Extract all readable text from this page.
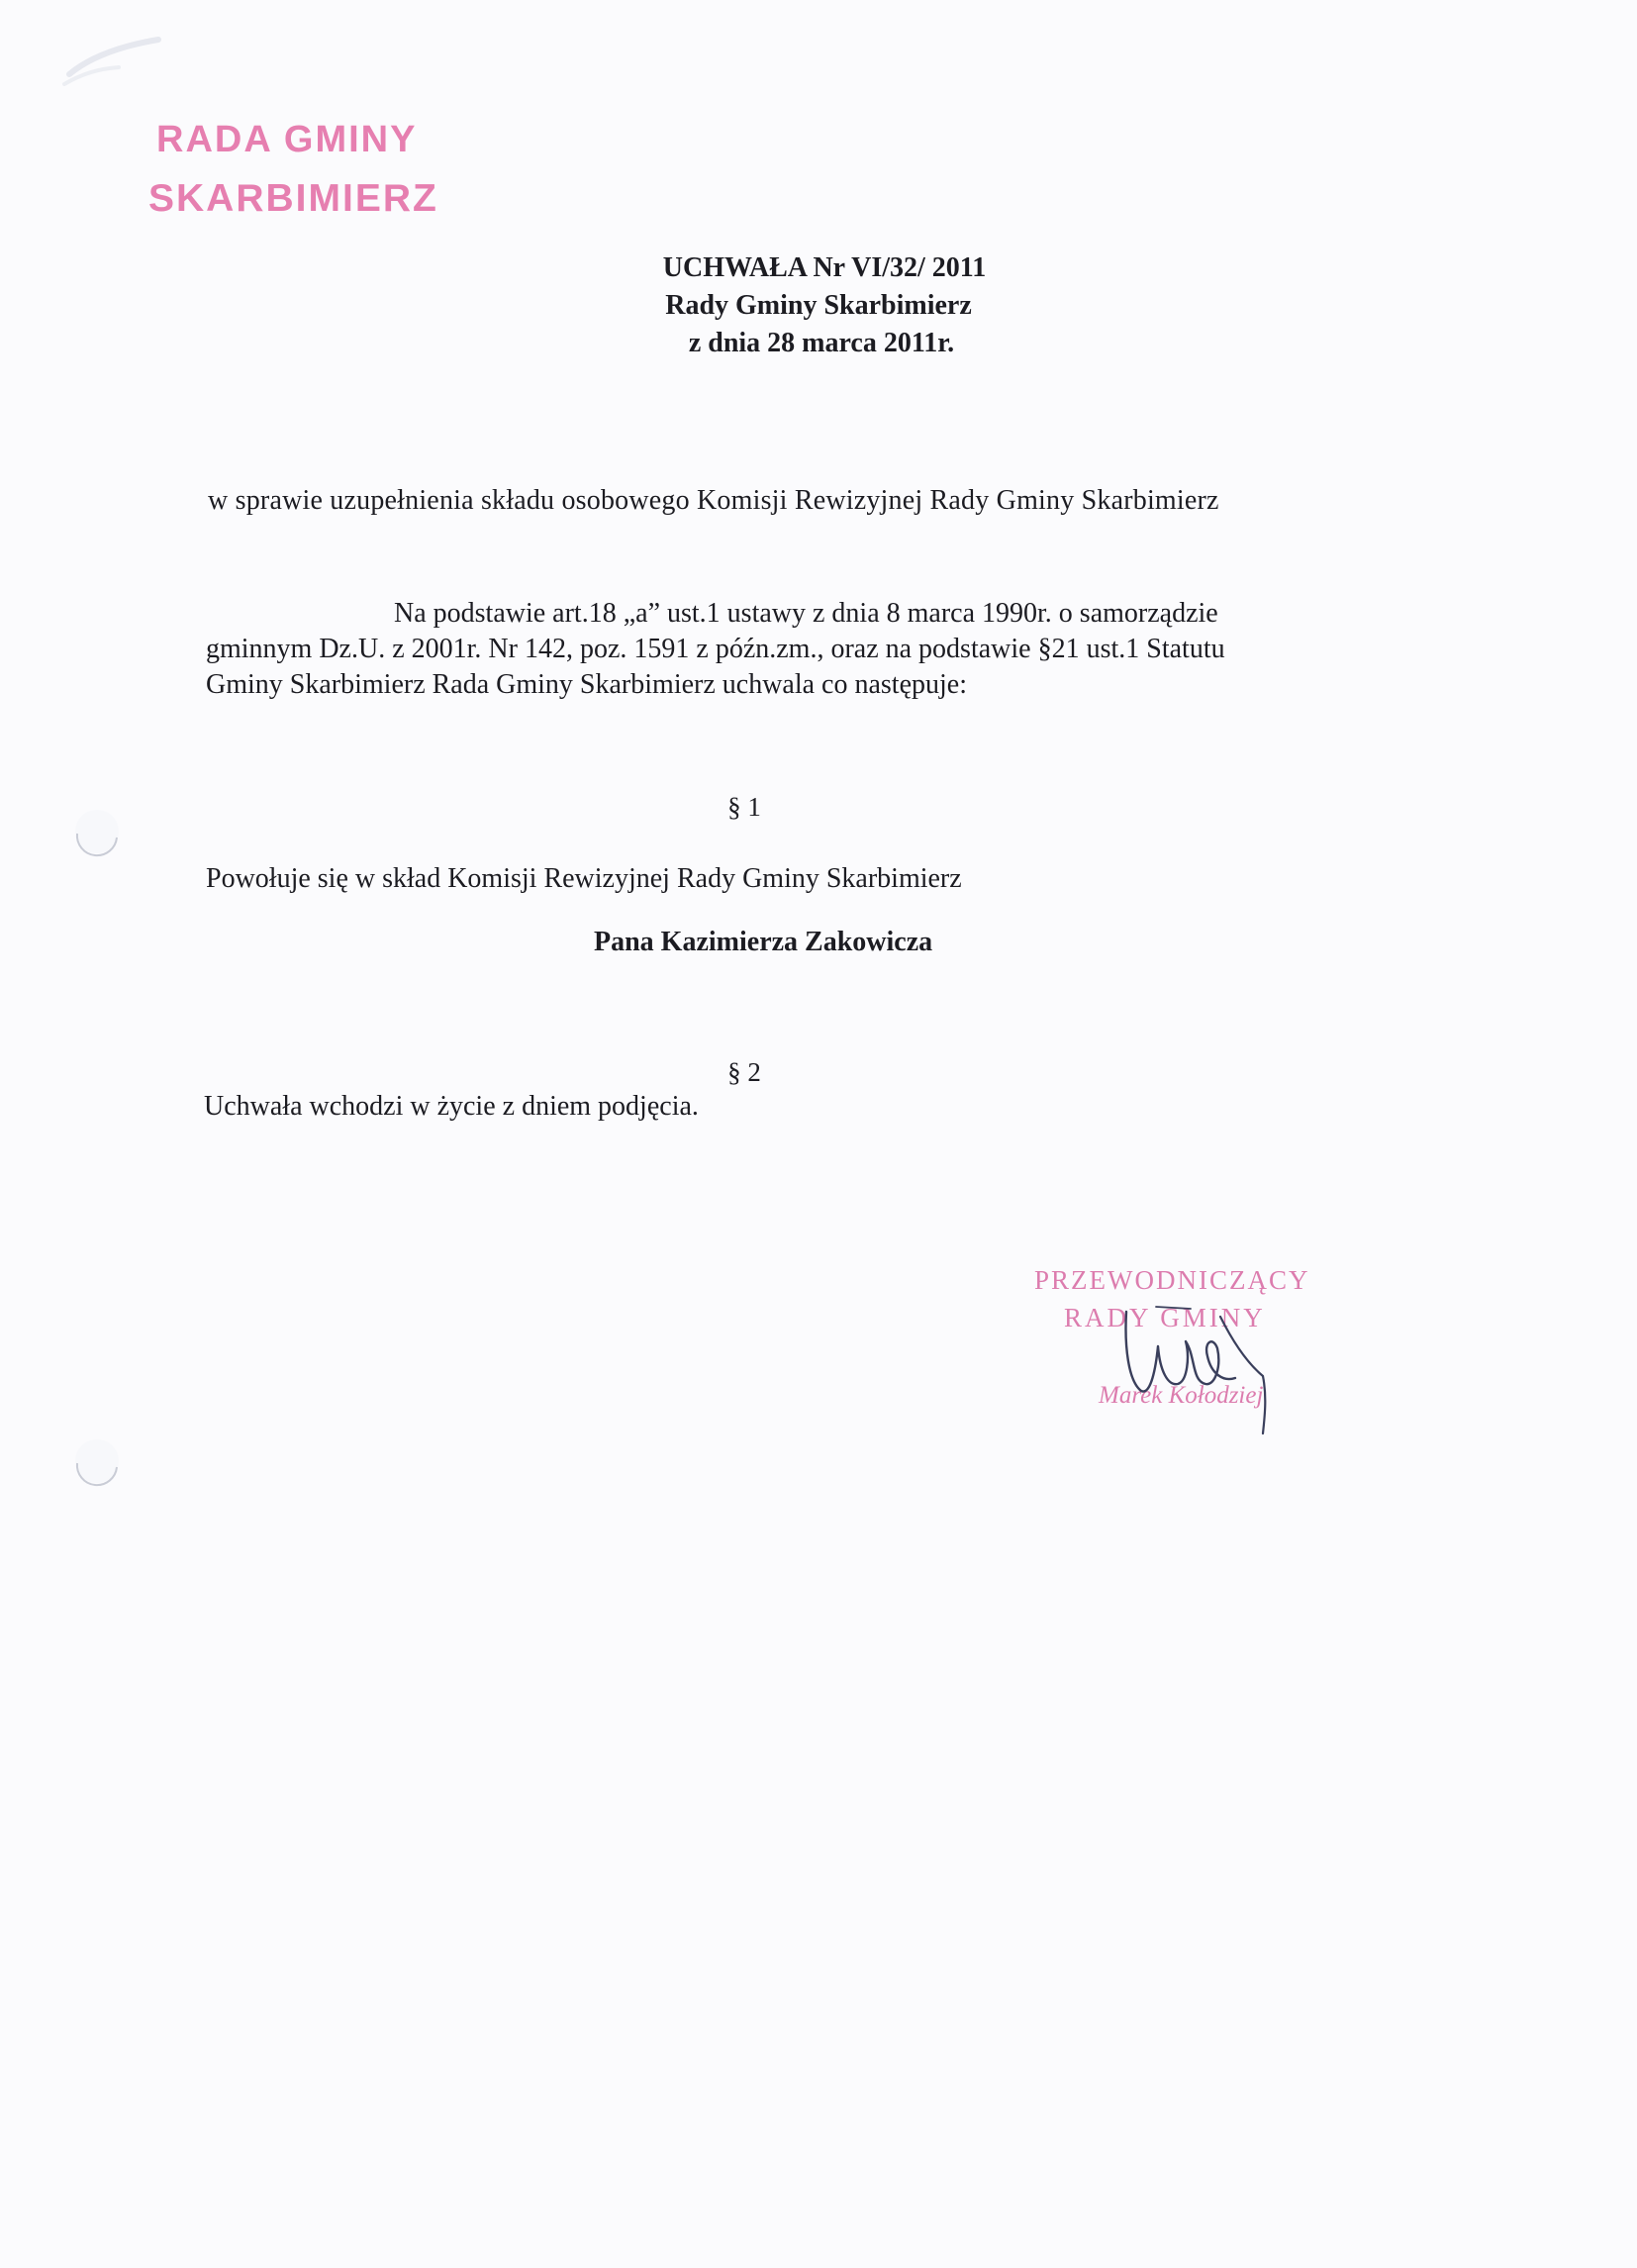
RADA GMINY
SKARBIMIERZ
UCHWAŁA Nr VI/32/ 2011
Rady Gminy Skarbimierz
z dnia 28 marca 2011r.
w sprawie uzupełnienia składu osobowego Komisji Rewizyjnej Rady Gminy Skarbimierz
Na podstawie art.18 „a” ust.1 ustawy z dnia 8 marca 1990r. o samorządzie
gminnym Dz.U. z 2001r. Nr 142, poz. 1591 z późn.zm., oraz na podstawie §21 ust.1 Statutu
Gminy Skarbimierz Rada Gminy Skarbimierz uchwala co następuje:
§ 1
Powołuje się w skład Komisji Rewizyjnej Rady Gminy Skarbimierz
Pana Kazimierza Zakowicza
§ 2
Uchwała wchodzi w życie z dniem podjęcia.
PRZEWODNICZĄCY
RADY GMINY
Marek Kołodziej
